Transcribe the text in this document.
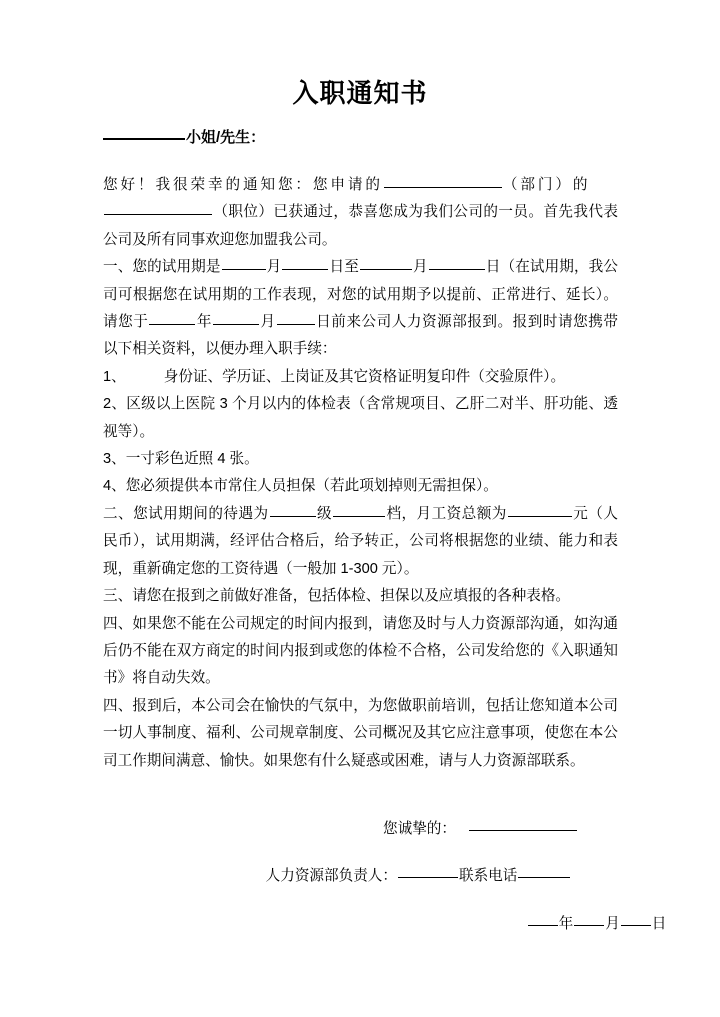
入职通知书
小姐/先生：

您好！我很荣幸的通知您：您申请的	（部门）的
（职位）已获通过，恭喜您成为我们公司的一员。首先我代表公司及所有同事欢迎您加盟我公司。

一、您的试用期是	月	日至	月	日（在试用期，我公司可根据您在试用期的工作表现，对您的试用期予以提前、正常进行、延长）。请您于	年	月	日前来公司人力资源部报到。报到时请您携带以下相关资料，以便办理入职手续：

1、	身份证、学历证、上岗证及其它资格证明复印件（交验原件）。

2、区级以上医院 3 个月以内的体检表（含常规项目、乙肝二对半、肝功能、透视等）。

3、一寸彩色近照 4 张。

4、您必须提供本市常住人员担保（若此项划掉则无需担保）。

二、您试用期间的待遇为	级	档，月工资总额为	元（人民币），试用期满，经评估合格后，给予转正，公司将根据您的业绩、能力和表现，重新确定您的工资待遇（一般加 1-300 元）。

三、请您在报到之前做好准备，包括体检、担保以及应填报的各种表格。

四、如果您不能在公司规定的时间内报到，请您及时与人力资源部沟通，如沟通后仍不能在双方商定的时间内报到或您的体检不合格，公司发给您的《入职通知书》将自动失效。

四、报到后，本公司会在愉快的气氛中，为您做职前培训，包括让您知道本公司一切人事制度、福利、公司规章制度、公司概况及其它应注意事项，使您在本公司工作期间满意、愉快。如果您有什么疑惑或困难，请与人力资源部联系。

您诚挚的：
人力资源部负责人：	联系电话
年 月 日
